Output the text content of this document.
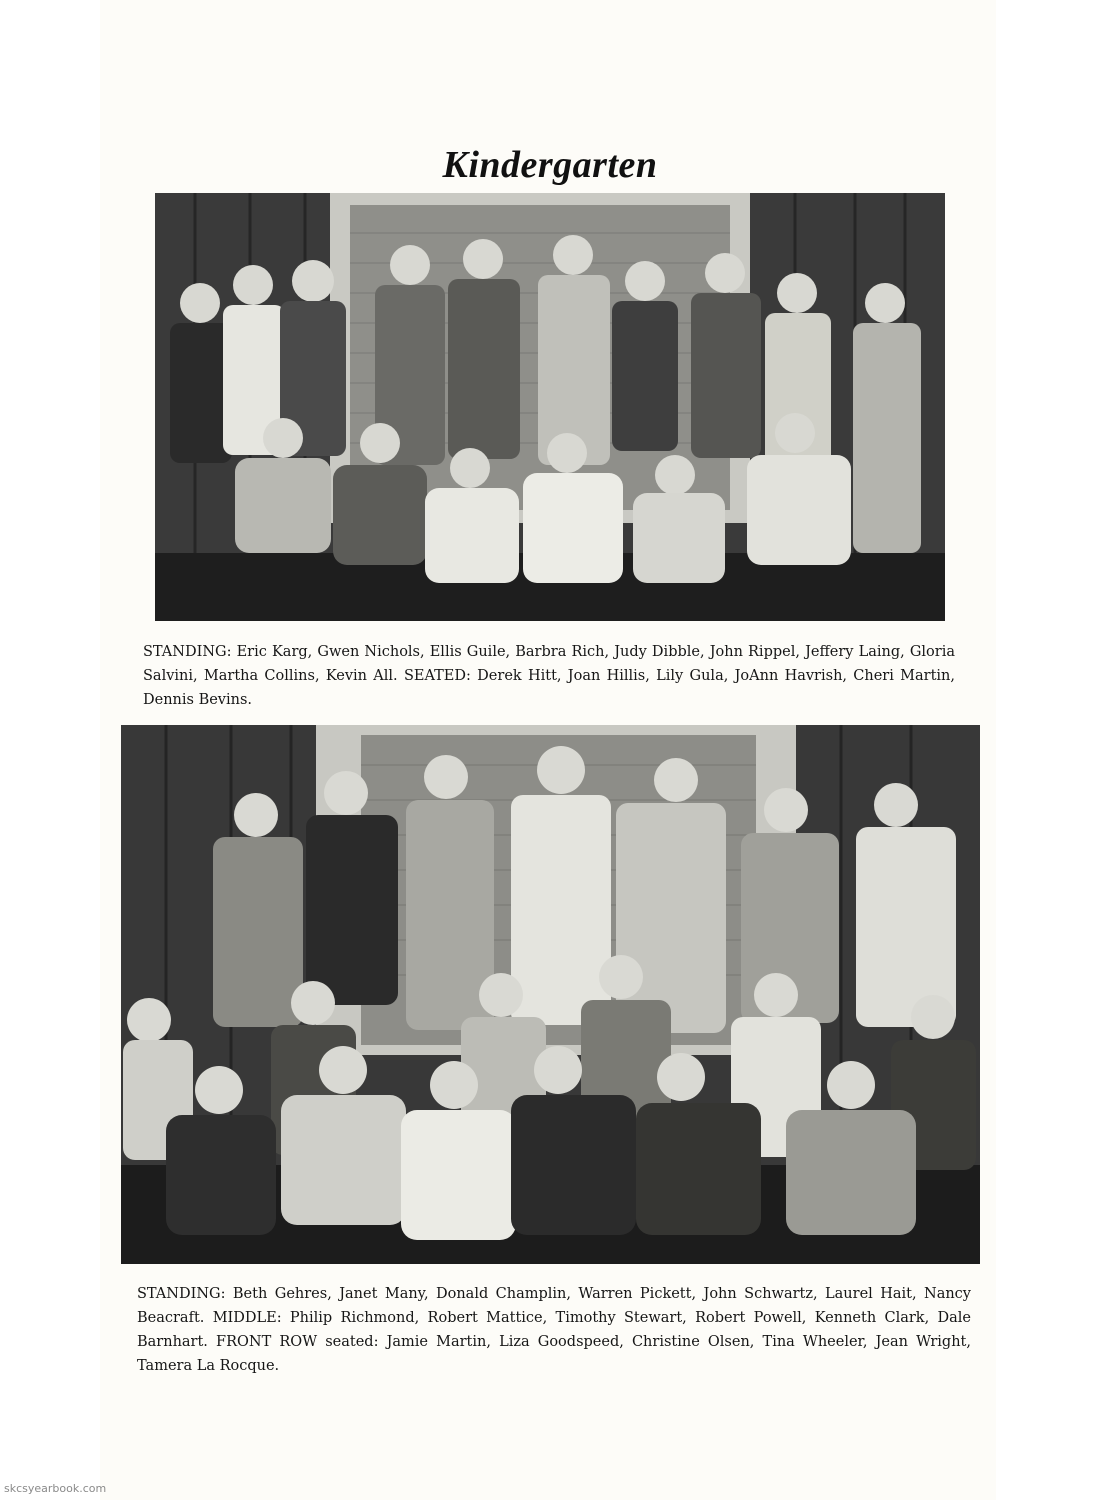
Kindergarten

STANDING: Eric Karg, Gwen Nichols, Ellis Guile, Barbra Rich, Judy Dibble, John Rippel, Jeffery Laing, Gloria Salvini, Martha Collins, Kevin All. SEATED: Derek Hitt, Joan Hillis, Lily Gula, JoAnn Havrish, Cheri Martin, Dennis Bevins.

STANDING: Beth Gehres, Janet Many, Donald Champlin, Warren Pickett, John Schwartz, Laurel Hait, Nancy Beacraft. MIDDLE: Philip Richmond, Robert Mattice, Timothy Stewart, Robert Powell, Kenneth Clark, Dale Barnhart. FRONT ROW seated: Jamie Martin, Liza Goodspeed, Christine Olsen, Tina Wheeler, Jean Wright, Tamera La Rocque.

skcsyearbook.com
